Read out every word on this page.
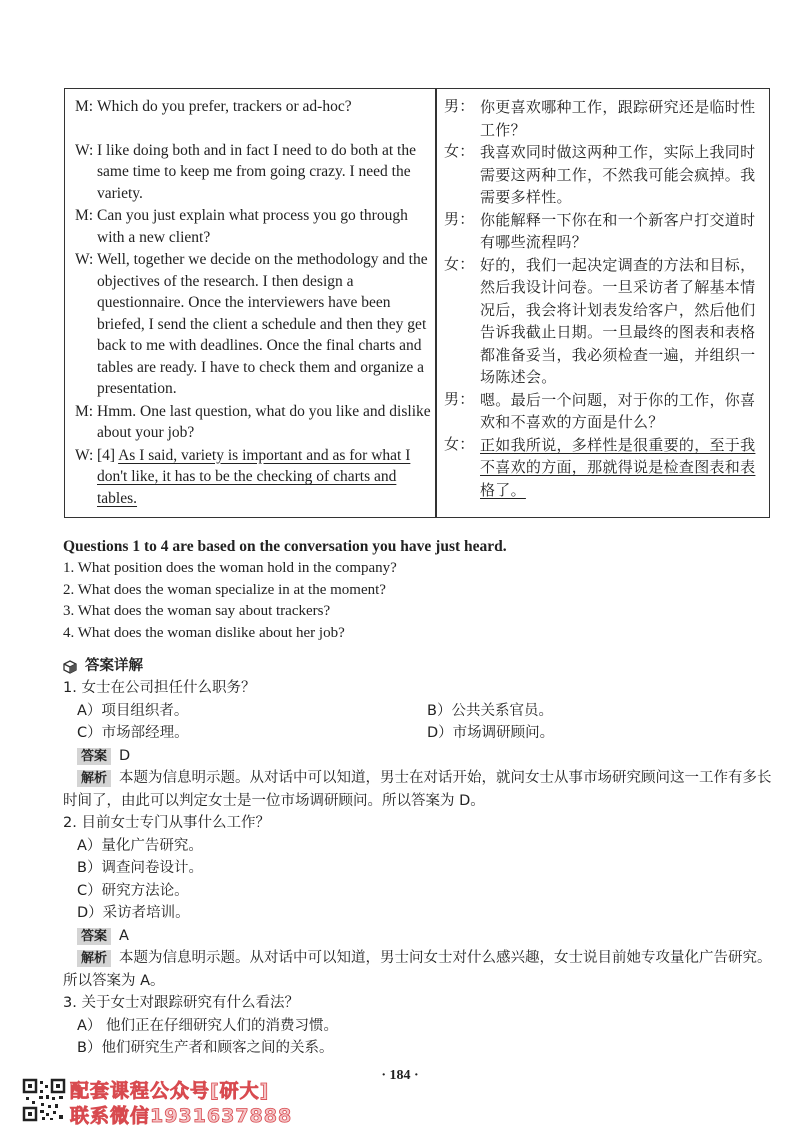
M: Which do you prefer, trackers or ad-hoc?
W: I like doing both and in fact I need to do both at the same time to keep me from going crazy. I need the variety.
M: Can you just explain what process you go through with a new client?
W: Well, together we decide on the methodology and the objectives of the research. I then design a questionnaire. Once the interviewers have been briefed, I send the client a schedule and then they get back to me with deadlines. Once the final charts and tables are ready. I have to check them and organize a presentation.
M: Hmm. One last question, what do you like and dislike about your job?
W: [4] As I said, variety is important and as for what I don't like, it has to be the checking of charts and tables.
男： 你更喜欢哪种工作，跟踪研究还是临时性工作？
女： 我喜欢同时做这两种工作，实际上我同时需要这两种工作，不然我可能会疯掉。我需要多样性。
男： 你能解释一下你在和一个新客户打交道时有哪些流程吗？
女： 好的，我们一起决定调查的方法和目标，然后我设计问卷。一旦采访者了解基本情况后，我会将计划表发给客户，然后他们告诉我截止日期。一旦最终的图表和表格都准备妥当，我必须检查一遍，并组织一场陈述会。
男： 嗯。最后一个问题，对于你的工作，你喜欢和不喜欢的方面是什么？
女： 正如我所说，多样性是很重要的，至于我不喜欢的方面，那就得说是检查图表和表格了。
Questions 1 to 4 are based on the conversation you have just heard.
1. What position does the woman hold in the company?
2. What does the woman specialize in at the moment?
3. What does the woman say about trackers?
4. What does the woman dislike about her job?
答案详解
1. 女士在公司担任什么职务？
A）项目组织者。	B）公共关系官员。
C）市场部经理。	D）市场调研顾问。
答案 D
解析 本题为信息明示题。从对话中可以知道，男士在对话开始，就问女士从事市场研究顾问这一工作有多长时间了，由此可以判定女士是一位市场调研顾问。所以答案为 D。
2. 目前女士专门从事什么工作？
A）量化广告研究。
B）调查问卷设计。
C）研究方法论。
D）采访者培训。
答案 A
解析 本题为信息明示题。从对话中可以知道，男士问女士对什么感兴趣，女士说目前她专攻量化广告研究。所以答案为 A。
3. 关于女士对跟踪研究有什么看法？
A） 他们正在仔细研究人们的消费习惯。
B）他们研究生产者和顾客之间的关系。
· 184 ·
配套课程公众号[研大]
联系微信1931637888
